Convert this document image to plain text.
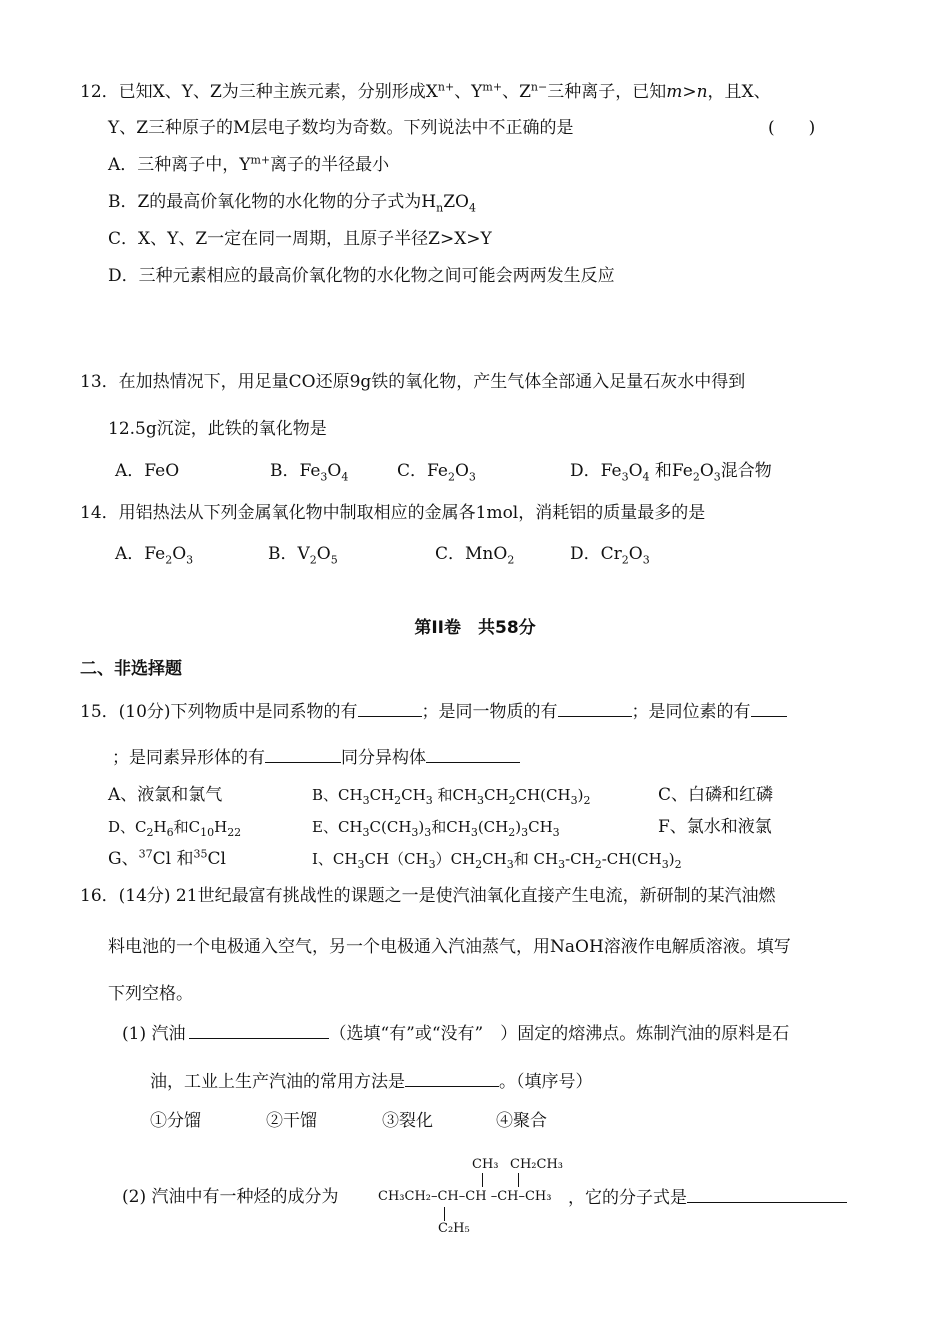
12．已知X、Y、Z为三种主族元素，分别形成$X^{n+}$、$Y^{m+}$、$Z^{n-}$三种离子，已知m>n，且X、
Y、Z三种原子的M层电子数均为奇数。下列说法中不正确的是	(　　)
A．三种离子中，$Y^{m+}$离子的半径最小
B．Z的最高价氧化物的水化物的分子式为$H_nZO_4$
C．X、Y、Z一定在同一周期，且原子半径Z>X>Y
D．三种元素相应的最高价氧化物的水化物之间可能会两两发生反应
13．在加热情况下，用足量CO还原9g铁的氧化物，产生气体全部通入足量石灰水中得到
12.5g沉淀，此铁的氧化物是
A．FeO	B．$Fe_3O_4$	C．$Fe_2O_3$	D．$Fe_3O_4$ 和$Fe_2O_3$混合物
14．用铝热法从下列金属氧化物中制取相应的金属各1mol，消耗铝的质量最多的是
A．$Fe_2O_3$	B．$V_2O_5$	C．MnO$_2$	D．$Cr_2O_3$
第II卷　共58分
二、非选择题
15．(10分)下列物质中是同系物的有	；是同一物质的有	；是同位素的有
；是同素异形体的有	同分异构体
A、液氯和氯气	B、$CH_3CH_2CH_3$ 和$CH_3CH_2CH(CH_3)_2$	C、白磷和红磷
D、$C_2H_6$和$C_{10}H_{22}$	E、$CH_3C(CH_3)_3$和$CH_3(CH_2)_3CH_3$	F、氯水和液氯
G、$^{37}$Cl 和$^{35}$Cl	I、$CH_3CH(CH_3)CH_2CH_3$和 $CH_3-CH_2-CH(CH_3)_2$
16．(14分) 21世纪最富有挑战性的课题之一是使汽油氧化直接产生电流，新研制的某汽油燃
料电池的一个电极通入空气，另一个电极通入汽油蒸气，用NaOH溶液作电解质溶液。填写
下列空格。
(1) 汽油	（选填“有”或“没有”　）固定的熔沸点。炼制汽油的原料是石
油，工业上生产汽油的常用方法是	。（填序号）
①分馏	②干馏	③裂化	④聚合
(2) 汽油中有一种烃的成分为
CH₃ CH₂CH₃
CH₃CH₂–CH–CH –CH–CH₃
C₂H₅
，它的分子式是
